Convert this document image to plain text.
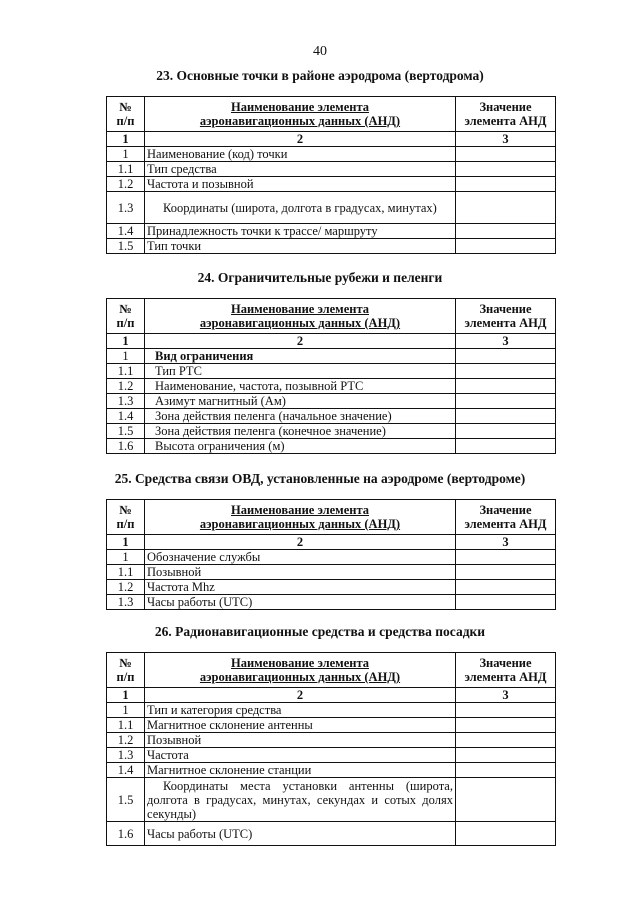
40
23. Основные точки в районе аэродрома (вертодрома)
№
п/п	Наименование элемента
аэронавигационных данных (АНД)	Значение
элемента АНД
1	2	3
1	Наименование (код) точки	
1.1	Тип средства	
1.2	Частота и позывной	
1.3	Координаты (широта, долгота в градусах, минутах)	
1.4	Принадлежность точки к трассе/ маршруту	
1.5	Тип точки	
24. Ограничительные рубежи и пеленги
№
п/п	Наименование элемента
аэронавигационных данных (АНД)	Значение
элемента АНД
1	2	3
1	Вид ограничения	
1.1	Тип РТС	
1.2	Наименование, частота, позывной РТС	
1.3	Азимут магнитный (Ам)	
1.4	Зона действия пеленга (начальное значение)	
1.5	Зона действия пеленга (конечное значение)	
1.6	Высота ограничения (м)	
25. Средства связи ОВД, установленные на аэродроме (вертодроме)
№
п/п	Наименование элемента
аэронавигационных данных (АНД)	Значение
элемента АНД
1	2	3
1	Обозначение службы	
1.1	Позывной	
1.2	Частота Mhz	
1.3	Часы работы (UTC)	
26. Радионавигационные средства и средства посадки
№
п/п	Наименование элемента
аэронавигационных данных (АНД)	Значение
элемента АНД
1	2	3
1	Тип и категория средства	
1.1	Магнитное склонение антенны	
1.2	Позывной	
1.3	Частота	
1.4	Магнитное склонение станции	
1.5	Координаты места установки антенны (широта, долгота в градусах, минутах, секундах и сотых долях секунды)	
1.6	Часы работы (UTC)	
